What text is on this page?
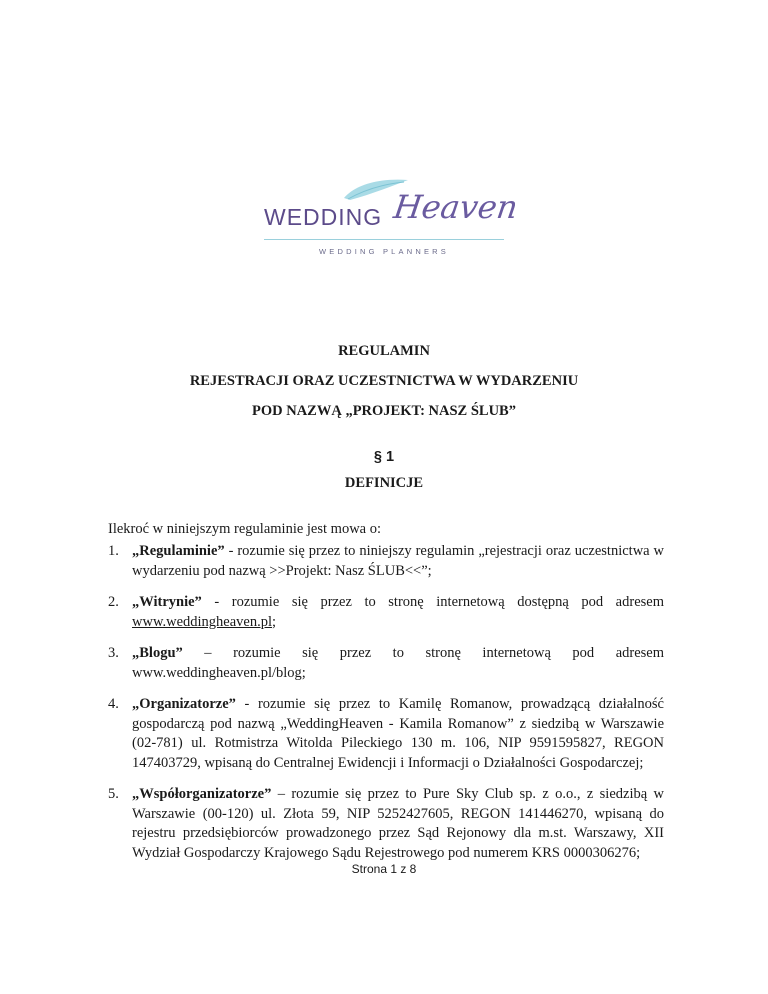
WEDDING Heaven
WEDDING PLANNERS
REGULAMIN
REJESTRACJI ORAZ UCZESTNICTWA W WYDARZENIU
POD NAZWĄ „PROJEKT: NASZ ŚLUB”
§ 1
DEFINICJE
Ilekroć w niniejszym regulaminie jest mowa o:
1. „Regulaminie” - rozumie się przez to niniejszy regulamin „rejestracji oraz uczestnictwa w wydarzeniu pod nazwą >>Projekt: Nasz ŚLUB<<”;
2. „Witrynie” - rozumie się przez to stronę internetową dostępną pod adresem
www.weddingheaven.pl;
3. „Blogu” – rozumie się przez to stronę internetową pod adresem
www.weddingheaven.pl/blog;
4. „Organizatorze” - rozumie się przez to Kamilę Romanow, prowadzącą działalność gospodarczą pod nazwą „WeddingHeaven - Kamila Romanow” z siedzibą w Warszawie (02-781) ul. Rotmistrza Witolda Pileckiego 130 m. 106, NIP 9591595827, REGON 147403729, wpisaną do Centralnej Ewidencji i Informacji o Działalności Gospodarczej;
5. „Współorganizatorze” – rozumie się przez to Pure Sky Club sp. z o.o., z siedzibą w Warszawie (00-120) ul. Złota 59, NIP 5252427605, REGON 141446270, wpisaną do rejestru przedsiębiorców prowadzonego przez Sąd Rejonowy dla m.st. Warszawy, XII Wydział Gospodarczy Krajowego Sądu Rejestrowego pod numerem KRS 0000306276;
Strona 1 z 8
